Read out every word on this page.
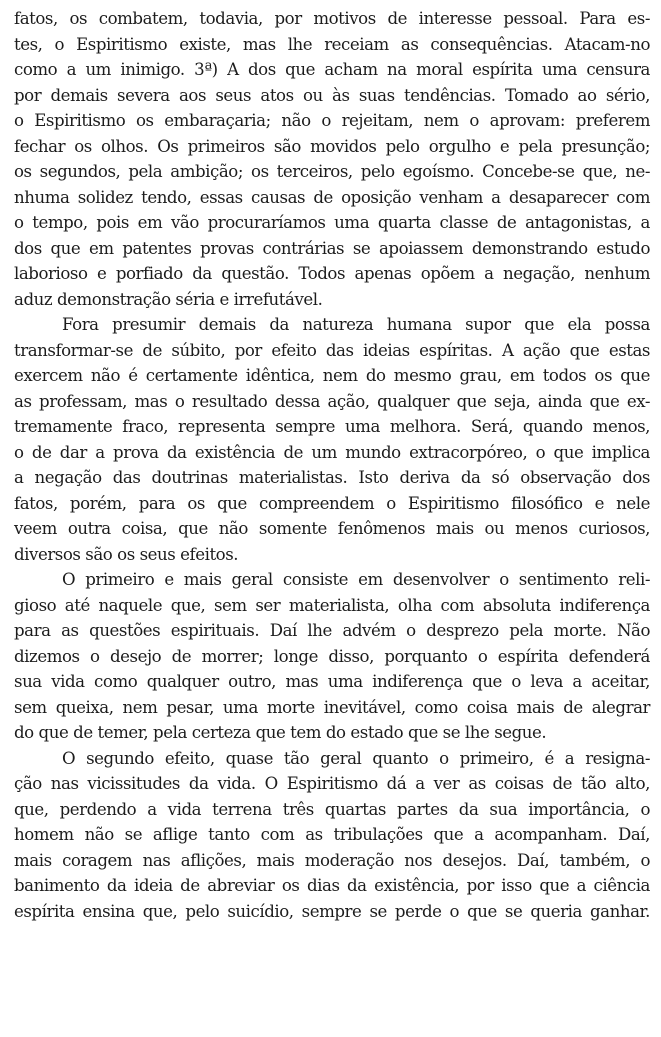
fatos, os combatem, todavia, por motivos de interesse pessoal. Para es-
tes, o Espiritismo existe, mas lhe receiam as consequências. Atacam-no
como a um inimigo. 3ª) A dos que acham na moral espírita uma censura
por demais severa aos seus atos ou às suas tendências. Tomado ao sério,
o Espiritismo os embaraçaria; não o rejeitam, nem o aprovam: preferem
fechar os olhos. Os primeiros são movidos pelo orgulho e pela presunção;
os segundos, pela ambição; os terceiros, pelo egoísmo. Concebe-se que, ne-
nhuma solidez tendo, essas causas de oposição venham a desaparecer com
o tempo, pois em vão procuraríamos uma quarta classe de antagonistas, a
dos que em patentes provas contrárias se apoiassem demonstrando estudo
laborioso e porfiado da questão. Todos apenas opõem a negação, nenhum
aduz demonstração séria e irrefutável.
Fora presumir demais da natureza humana supor que ela possa
transformar-se de súbito, por efeito das ideias espíritas. A ação que estas
exercem não é certamente idêntica, nem do mesmo grau, em todos os que
as professam, mas o resultado dessa ação, qualquer que seja, ainda que ex-
tremamente fraco, representa sempre uma melhora. Será, quando menos,
o de dar a prova da existência de um mundo extracorpóreo, o que implica
a negação das doutrinas materialistas. Isto deriva da só observação dos
fatos, porém, para os que compreendem o Espiritismo filosófico e nele
veem outra coisa, que não somente fenômenos mais ou menos curiosos,
diversos são os seus efeitos.
O primeiro e mais geral consiste em desenvolver o sentimento reli-
gioso até naquele que, sem ser materialista, olha com absoluta indiferença
para as questões espirituais. Daí lhe advém o desprezo pela morte. Não
dizemos o desejo de morrer; longe disso, porquanto o espírita defenderá
sua vida como qualquer outro, mas uma indiferença que o leva a aceitar,
sem queixa, nem pesar, uma morte inevitável, como coisa mais de alegrar
do que de temer, pela certeza que tem do estado que se lhe segue.
O segundo efeito, quase tão geral quanto o primeiro, é a resigna-
ção nas vicissitudes da vida. O Espiritismo dá a ver as coisas de tão alto,
que, perdendo a vida terrena três quartas partes da sua importância, o
homem não se aflige tanto com as tribulações que a acompanham. Daí,
mais coragem nas aflições, mais moderação nos desejos. Daí, também, o
banimento da ideia de abreviar os dias da existência, por isso que a ciência
espírita ensina que, pelo suicídio, sempre se perde o que se queria ganhar.
